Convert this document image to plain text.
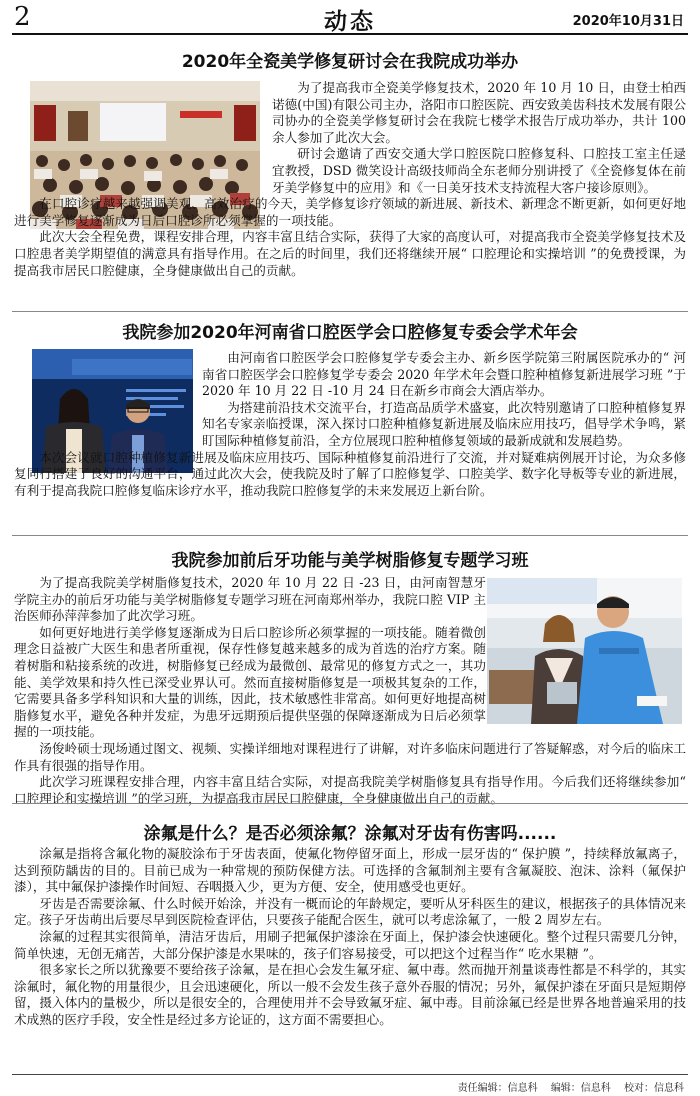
2	动态	2020年10月31日
2020年全瓷美学修复研讨会在我院成功举办

为了提高我市全瓷美学修复技术，2020 年 10 月 10 日，由登士柏西诺德(中国)有限公司主办，洛阳市口腔医院、西安致美齿科技术发展有限公司协办的全瓷美学修复研讨会在我院七楼学术报告厅成功举办，共计 100 余人参加了此次大会。

研讨会邀请了西安交通大学口腔医院口腔修复科、口腔技工室主任逯宜教授，DSD 微笑设计高级技师尚全东老师分别讲授了《全瓷修复体在前牙美学修复中的应用》和《一日美牙技术支持流程大客户接诊原则》。

在口腔诊疗越来越强调美观、高效治疗的今天，美学修复诊疗领域的新进展、新技术、新理念不断更新，如何更好地进行美学修复逐渐成为日后口腔诊所必须掌握的一项技能。

此次大会全程免费，课程安排合理，内容丰富且结合实际，获得了大家的高度认可，对提高我市全瓷美学修复技术及口腔患者美学期望值的满意具有指导作用。在之后的时间里，我们还将继续开展“ 口腔理论和实操培训 ”的免费授课，为提高我市居民口腔健康，全身健康做出自己的贡献。

我院参加2020年河南省口腔医学会口腔修复专委会学术年会

由河南省口腔医学会口腔修复学专委会主办、新乡医学院第三附属医院承办的“ 河南省口腔医学会口腔修复学专委会 2020 年学术年会暨口腔种植修复新进展学习班 ”于 2020 年 10 月 22 日 -10 月 24 日在新乡市商会大酒店举办。

为搭建前沿技术交流平台，打造高品质学术盛宴，此次特别邀请了口腔种植修复界知名专家亲临授课，深入探讨口腔种植修复新进展及临床应用技巧，倡导学术争鸣，紧盯国际种植修复前沿，全方位展现口腔种植修复领域的最新成就和发展趋势。

本次会议就口腔种植修复新进展及临床应用技巧、国际种植修复前沿进行了交流，并对疑难病例展开讨论，为众多修复同行搭建了良好的沟通平台，通过此次大会，使我院及时了解了口腔修复学、口腔美学、数字化导板等专业的新进展，有利于提高我院口腔修复临床诊疗水平，推动我院口腔修复学的未来发展迈上新台阶。

我院参加前后牙功能与美学树脂修复专题学习班

为了提高我院美学树脂修复技术，2020 年 10 月 22 日 -23 日，由河南智慧牙学院主办的前后牙功能与美学树脂修复专题学习班在河南郑州举办，我院口腔 VIP 主治医师孙萍萍参加了此次学习班。

如何更好地进行美学修复逐渐成为日后口腔诊所必须掌握的一项技能。随着微创理念日益被广大医生和患者所重视，保存性修复越来越多的成为首选的治疗方案。随着树脂和粘接系统的改进，树脂修复已经成为最微创、最常见的修复方式之一，其功能、美学效果和持久性已深受业界认可。然而直接树脂修复是一项极其复杂的工作，它需要具备多学科知识和大量的训练，因此，技术敏感性非常高。如何更好地提高树脂修复水平，避免各种并发症，为患牙远期预后提供坚强的保障逐渐成为日后必须掌握的一项技能。

汤俊岭硕士现场通过图文、视频、实操详细地对课程进行了讲解，对许多临床问题进行了答疑解惑，对今后的临床工作具有很强的指导作用。

此次学习班课程安排合理，内容丰富且结合实际，对提高我院美学树脂修复具有指导作用。今后我们还将继续参加“ 口腔理论和实操培训 ”的学习班，为提高我市居民口腔健康，全身健康做出自己的贡献。

涂氟是什么？是否必须涂氟？涂氟对牙齿有伤害吗......

涂氟是指将含氟化物的凝胶涂布于牙齿表面，使氟化物停留牙面上，形成一层牙齿的“ 保护膜 ”，持续释放氟离子，达到预防龋齿的目的。目前已成为一种常规的预防保健方法。可选择的含氟制剂主要有含氟凝胶、泡沫、涂料（氟保护漆），其中氟保护漆操作时间短、吞咽摄入少，更为方便、安全，使用感受也更好。

牙齿是否需要涂氟、什么时候开始涂，并没有一概而论的年龄规定，要听从牙科医生的建议，根据孩子的具体情况来定。孩子牙齿萌出后要尽早到医院检查评估，只要孩子能配合医生，就可以考虑涂氟了，一般 2 周岁左右。

涂氟的过程其实很简单，清洁牙齿后，用刷子把氟保护漆涂在牙面上，保护漆会快速硬化。整个过程只需要几分钟，简单快速，无创无痛苦，大部分保护漆是水果味的，孩子们容易接受，可以把这个过程当作“ 吃水果糖 ”。

很多家长之所以犹豫要不要给孩子涂氟，是在担心会发生氟牙症、氟中毒。然而抛开剂量谈毒性都是不科学的，其实涂氟时，氟化物的用量很少，且会迅速硬化，所以一般不会发生孩子意外吞服的情况；另外，氟保护漆在牙面只是短期停留，摄入体内的量极少，所以是很安全的，合理使用并不会导致氟牙症、氟中毒。目前涂氟已经是世界各地普遍采用的技术成熟的医疗手段，安全性是经过多方论证的，这方面不需要担心。

责任编辑：信息科 编辑：信息科 校对：信息科
